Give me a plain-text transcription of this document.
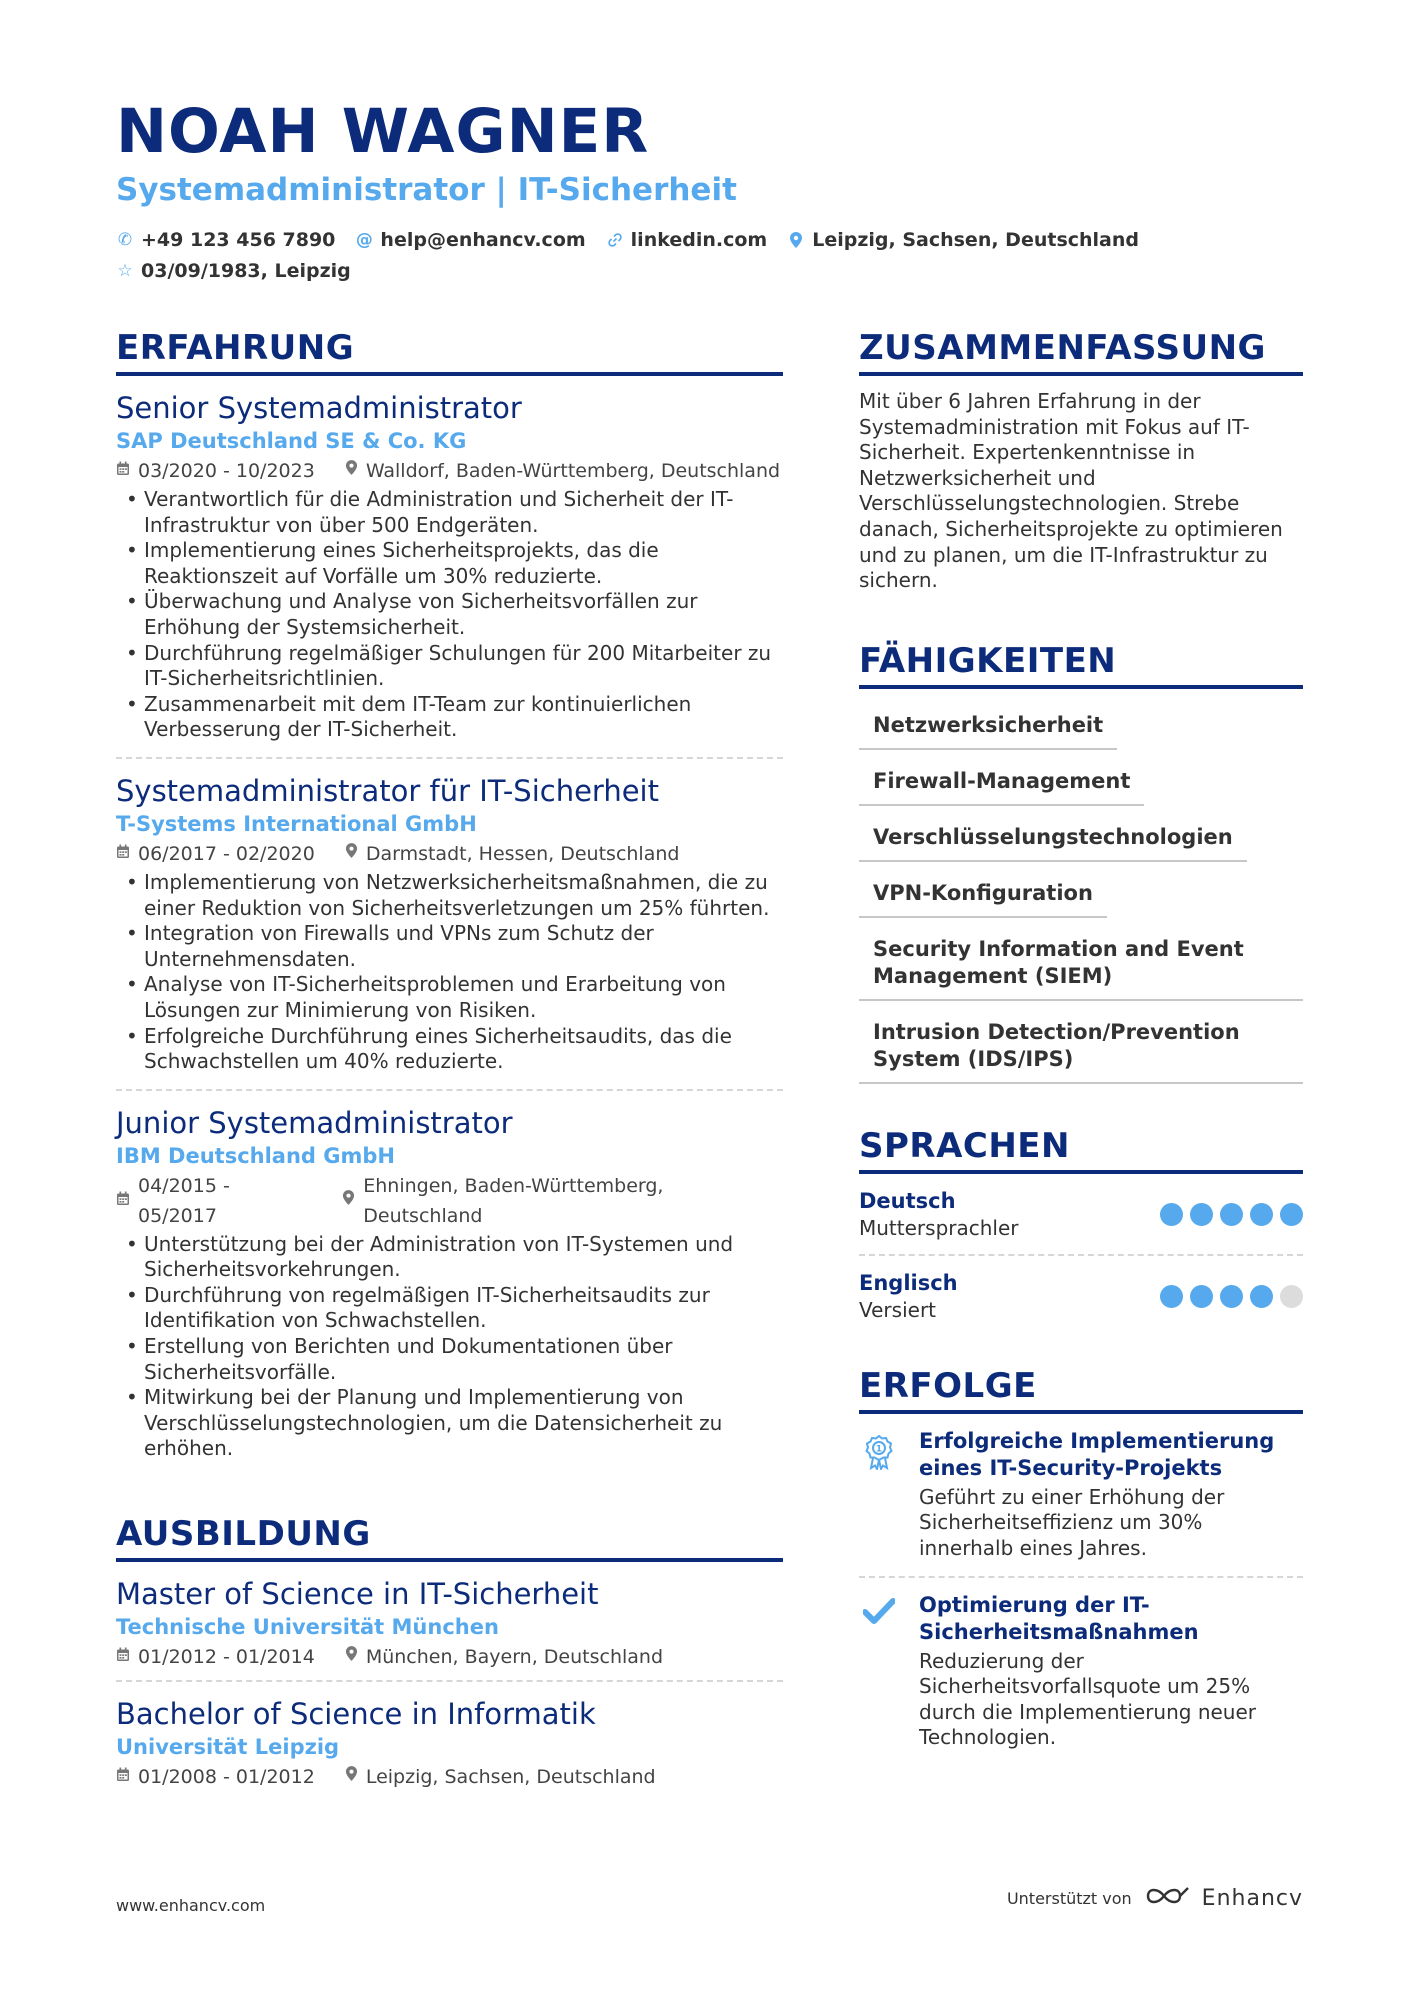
NOAH WAGNER
Systemadministrator | IT-Sicherheit
✆ +49 123 456 7890 @ help@enhancv.com linkedin.com Leipzig, Sachsen, Deutschland
☆ 03/09/1983, Leipzig
ERFAHRUNG
Senior Systemadministrator
SAP Deutschland SE & Co. KG
03/2020 - 10/2023	Walldorf, Baden-Württemberg, Deutschland
• Verantwortlich für die Administration und Sicherheit der IT-Infrastruktur von über 500 Endgeräten.
• Implementierung eines Sicherheitsprojekts, das die Reaktionszeit auf Vorfälle um 30% reduzierte.
• Überwachung und Analyse von Sicherheitsvorfällen zur Erhöhung der Systemsicherheit.
• Durchführung regelmäßiger Schulungen für 200 Mitarbeiter zu IT-Sicherheitsrichtlinien.
• Zusammenarbeit mit dem IT-Team zur kontinuierlichen Verbesserung der IT-Sicherheit.
Systemadministrator für IT-Sicherheit
T-Systems International GmbH
06/2017 - 02/2020	Darmstadt, Hessen, Deutschland
• Implementierung von Netzwerksicherheitsmaßnahmen, die zu einer Reduktion von Sicherheitsverletzungen um 25% führten.
• Integration von Firewalls und VPNs zum Schutz der Unternehmensdaten.
• Analyse von IT-Sicherheitsproblemen und Erarbeitung von Lösungen zur Minimierung von Risiken.
• Erfolgreiche Durchführung eines Sicherheitsaudits, das die Schwachstellen um 40% reduzierte.
Junior Systemadministrator
IBM Deutschland GmbH
04/2015 - 05/2017
Ehningen, Baden-Württemberg, Deutschland
• Unterstützung bei der Administration von IT-Systemen und Sicherheitsvorkehrungen.
• Durchführung von regelmäßigen IT-Sicherheitsaudits zur Identifikation von Schwachstellen.
• Erstellung von Berichten und Dokumentationen über Sicherheitsvorfälle.
• Mitwirkung bei der Planung und Implementierung von Verschlüsselungstechnologien, um die Datensicherheit zu erhöhen.
AUSBILDUNG
Master of Science in IT-Sicherheit
Technische Universität München
01/2012 - 01/2014	München, Bayern, Deutschland
Bachelor of Science in Informatik
Universität Leipzig
01/2008 - 01/2012	Leipzig, Sachsen, Deutschland
ZUSAMMENFASSUNG
Mit über 6 Jahren Erfahrung in der Systemadministration mit Fokus auf IT-Sicherheit. Expertenkenntnisse in Netzwerksicherheit und Verschlüsselungstechnologien. Strebe danach, Sicherheitsprojekte zu optimieren und zu planen, um die IT-Infrastruktur zu sichern.
FÄHIGKEITEN
Netzwerksicherheit
Firewall-Management
Verschlüsselungstechnologien
VPN-Konfiguration
Security Information and Event Management (SIEM)
Intrusion Detection/Prevention System (IDS/IPS)
SPRACHEN
Deutsch
Muttersprachler
Englisch
Versiert
ERFOLGE
1 Erfolgreiche Implementierung eines IT-Security-Projekts
Geführt zu einer Erhöhung der Sicherheitseffizienz um 30% innerhalb eines Jahres.
Optimierung der IT-Sicherheitsmaßnahmen
Reduzierung der Sicherheitsvorfallsquote um 25% durch die Implementierung neuer Technologien.
www.enhancv.com	Unterstützt von	Enhancv
